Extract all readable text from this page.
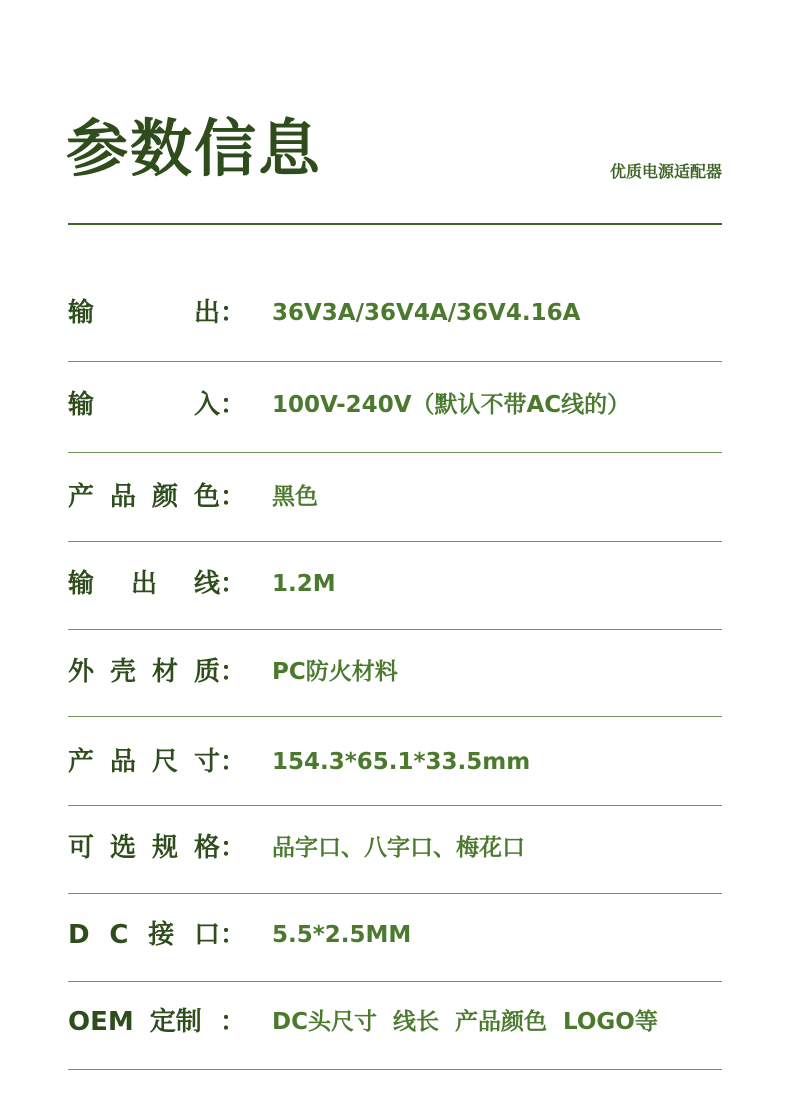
参数信息	优质电源适配器
输	出 ：	36V3A/36V4A/36V4.16A
输	入 ：	100V-240V（默认不带AC线的）
产 品 颜 色 ：	黑色
输 出 线 ：	1.2M
外 壳 材 质 ：	PC防火材料
产 品 尺 寸 ：	154.3*65.1*33.5mm
可 选 规 格 ：	品字口、八字口、梅花口
D C 接 口 ：	5.5*2.5MM
OEM 定制 ：	DC头尺寸  线长  产品颜色  LOGO等
